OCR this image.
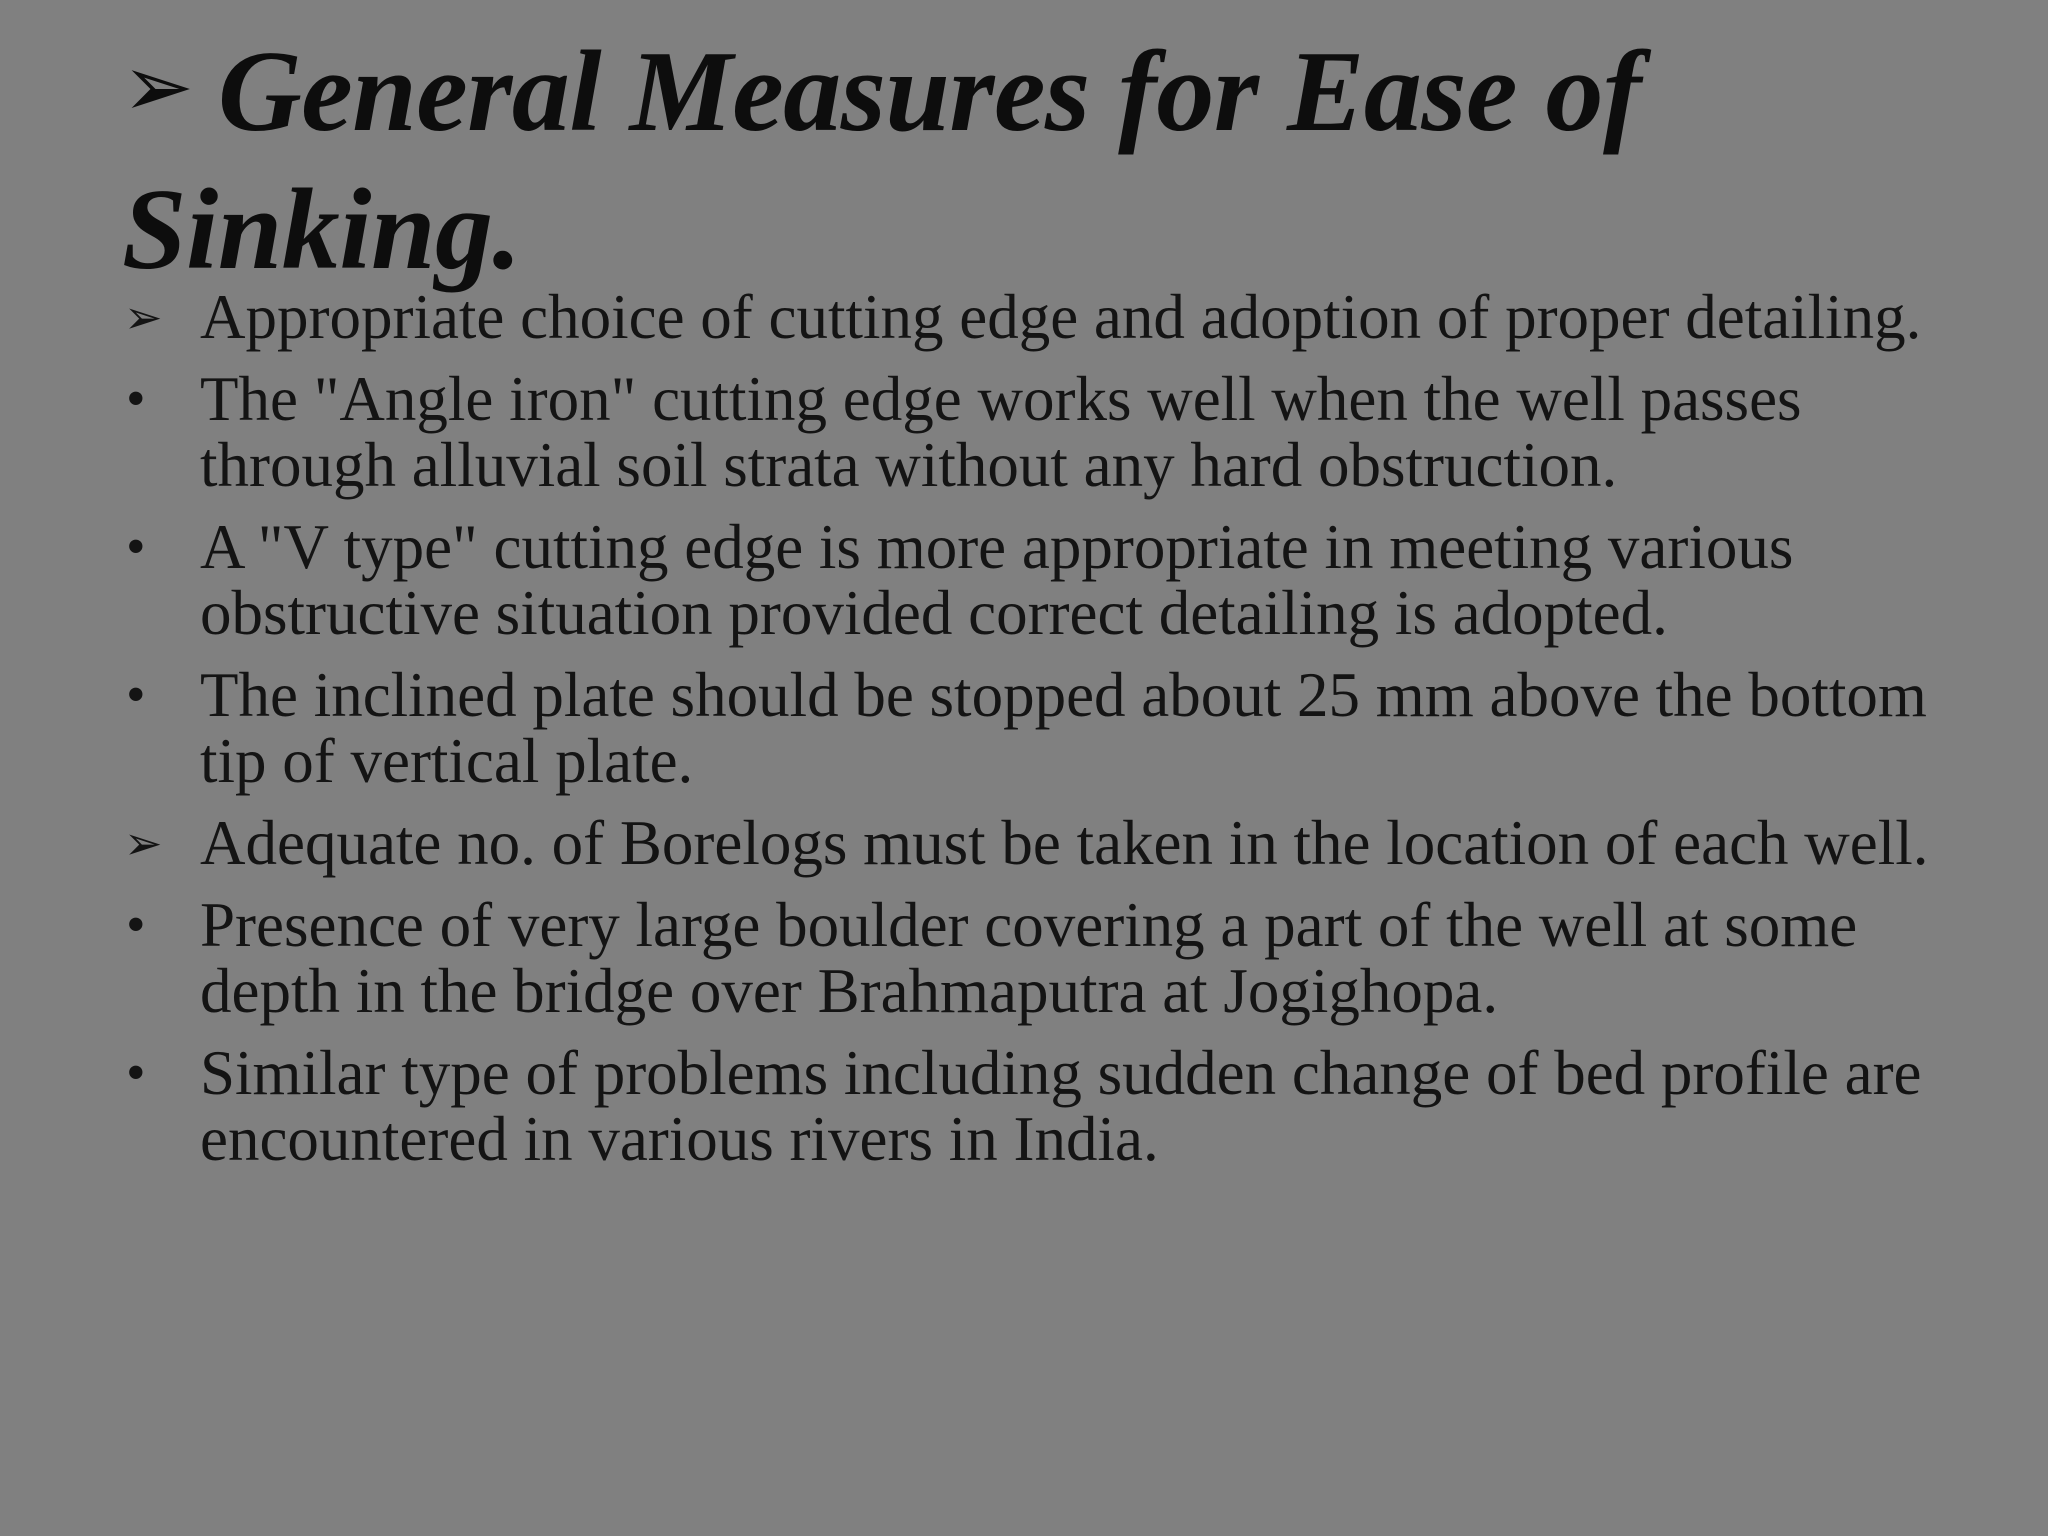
➢ General Measures for Ease of Sinking.
➢ Appropriate choice of cutting edge and adoption of proper detailing.
• The "Angle iron" cutting edge works well when the well passes through alluvial soil strata without any hard obstruction.
• A "V type" cutting edge is more appropriate in meeting various obstructive situation provided correct detailing is adopted.
• The inclined plate should be stopped about 25 mm above the bottom tip of vertical plate.
➢ Adequate no. of Borelogs must be taken in the location of each well.
• Presence of very large boulder covering a part of the well at some depth in the bridge over Brahmaputra at Jogighopa.
• Similar type of problems including sudden change of bed profile are encountered in various rivers in India.
